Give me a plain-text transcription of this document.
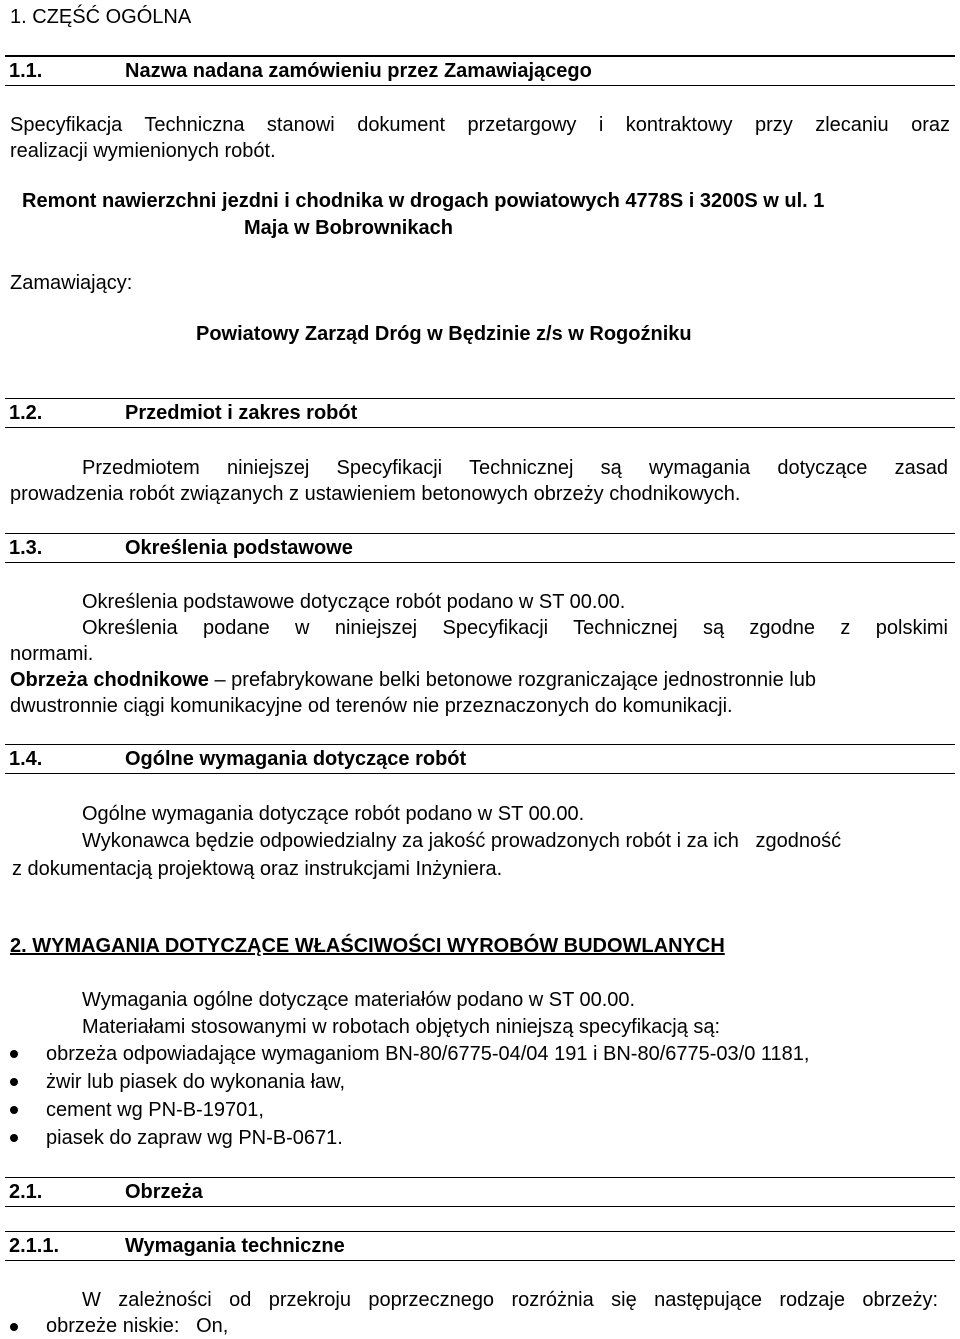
1. CZĘŚĆ OGÓLNA
1.1.	Nazwa nadana zamówieniu przez Zamawiającego
Specyfikacja Techniczna stanowi dokument przetargowy i kontraktowy przy zlecaniu oraz
realizacji wymienionych robót.
Remont nawierzchni jezdni i chodnika w drogach powiatowych 4778S i 3200S w ul. 1
Maja w Bobrownikach
Zamawiający:
Powiatowy Zarząd Dróg w Będzinie z/s w Rogoźniku
1.2.	Przedmiot i zakres robót
Przedmiotem niniejszej Specyfikacji Technicznej są wymagania dotyczące zasad
prowadzenia robót związanych z ustawieniem betonowych obrzeży chodnikowych.
1.3.	Określenia podstawowe
Określenia podstawowe dotyczące robót podano w ST 00.00.
Określenia podane w niniejszej Specyfikacji Technicznej są zgodne z polskimi
normami.
Obrzeża chodnikowe – prefabrykowane belki betonowe rozgraniczające jednostronnie lub
dwustronnie ciągi komunikacyjne od terenów nie przeznaczonych do komunikacji.
1.4.	Ogólne wymagania dotyczące robót
Ogólne wymagania dotyczące robót podano w ST 00.00.
Wykonawca będzie odpowiedzialny za jakość prowadzonych robót i za ich   zgodność
z dokumentacją projektową oraz instrukcjami Inżyniera.
2. WYMAGANIA DOTYCZĄCE WŁAŚCIWOŚCI WYROBÓW BUDOWLANYCH
Wymagania ogólne dotyczące materiałów podano w ST 00.00.
Materiałami stosowanymi w robotach objętych niniejszą specyfikacją są:
obrzeża odpowiadające wymaganiom BN-80/6775-04/04 191 i BN-80/6775-03/0 1181,
żwir lub piasek do wykonania ław,
cement wg PN-B-19701,
piasek do zapraw wg PN-B-0671.
2.1.	Obrzeża
2.1.1.	Wymagania techniczne
W zależności od przekroju poprzecznego rozróżnia się następujące rodzaje obrzeży:
obrzeże niskie:   On,
